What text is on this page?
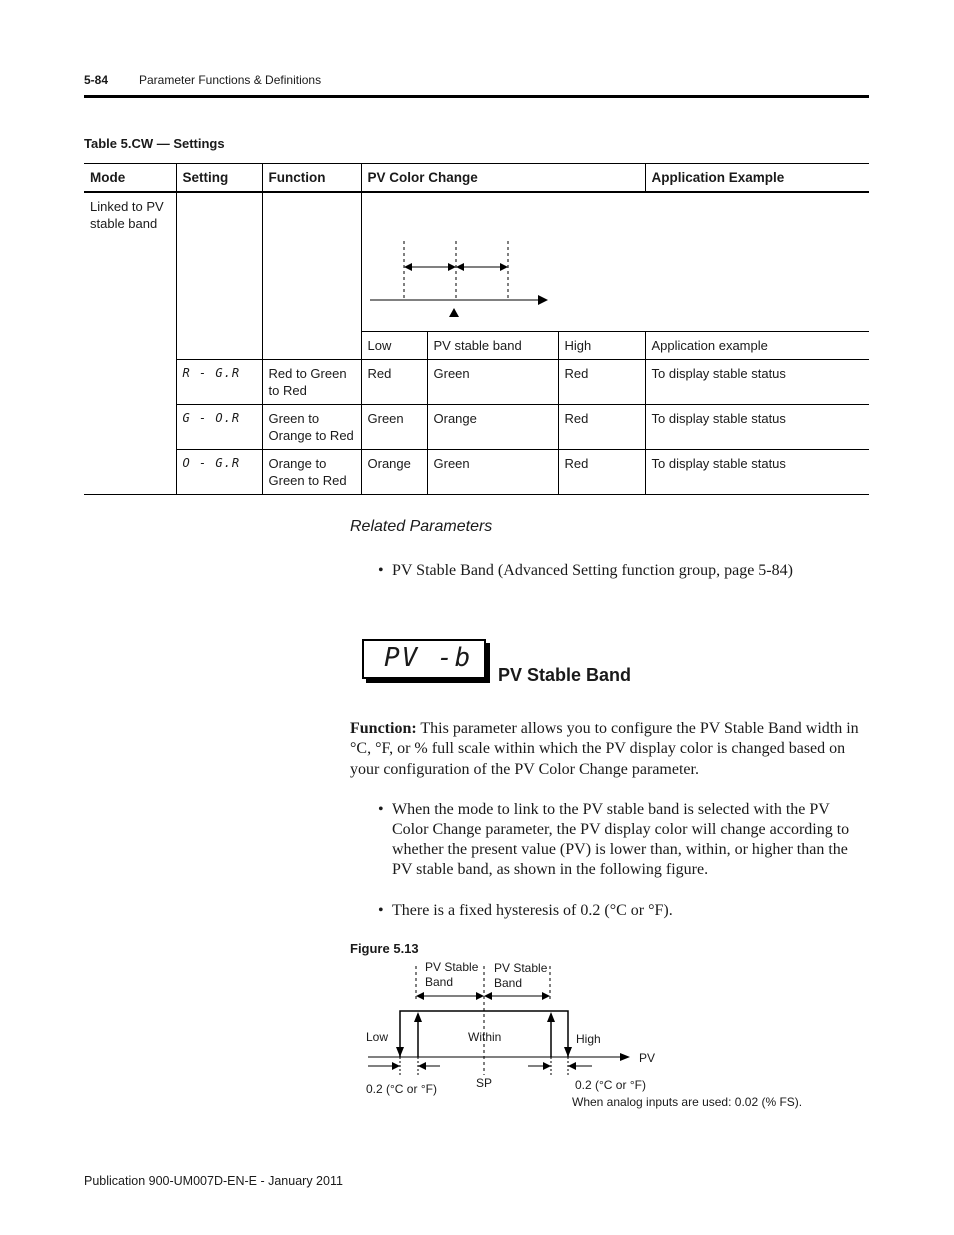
5-84	Parameter Functions & Definitions
Table 5.CW — Settings
Mode	Setting	Function	PV Color Change			Application Example
Linked to PV stable band			

			Low	PV stable band	High	Application example
	R - G.R	Red to Green to Red	Red	Green	Red	To display stable status
	G - O.R	Green to Orange to Red	Green	Orange	Red	To display stable status
	O - G.R	Orange to Green to Red	Orange	Green	Red	To display stable status
Related Parameters
• PV Stable Band (Advanced Setting function group, page 5-84)
PV -b
PV Stable Band
Function: This parameter allows you to configure the PV Stable Band width in °C, °F, or % full scale within which the PV display color is changed based on your configuration of the PV Color Change parameter.
• When the mode to link to the PV stable band is selected with the PV Color Change parameter, the PV display color will change according to whether the present value (PV) is lower than, within, or higher than the PV stable band, as shown in the following figure.
• There is a fixed hysteresis of 0.2 (°C or °F).
Figure 5.13
PV Stable Band
PV Stable Band
Low	Within	High
PV
SP
0.2 (°C or °F)	0.2 (°C or °F)
When analog inputs are used: 0.02 (% FS).
Publication 900-UM007D-EN-E - January 2011
